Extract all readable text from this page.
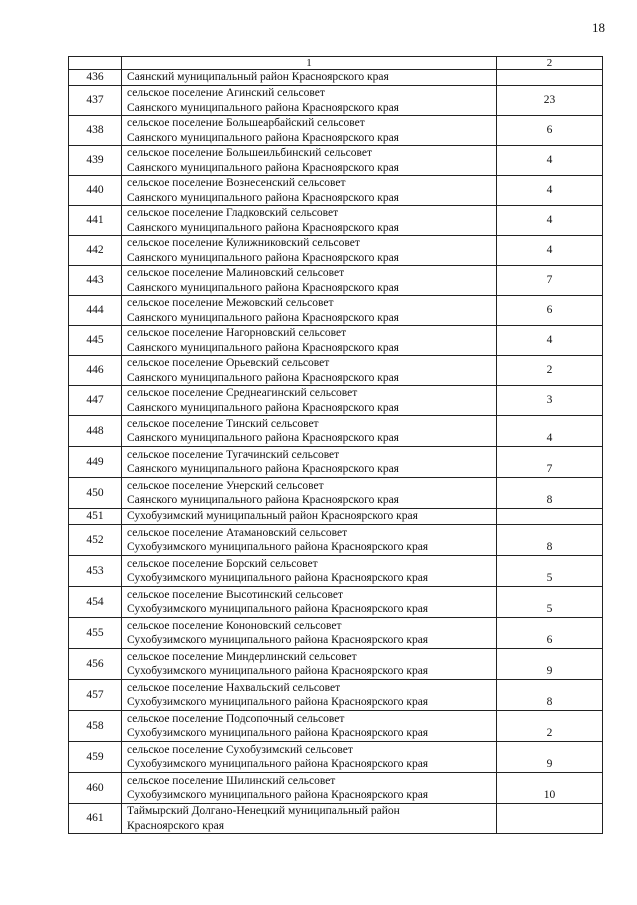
18
	1	2
436	Саянский муниципальный район Красноярского края	

437	сельское поселение Агинский сельсовет
Саянского муниципального района Красноярского края	23
438	сельское поселение Большеарбайский сельсовет
Саянского муниципального района Красноярского края	6
439	сельское поселение Большеильбинский сельсовет
Саянского муниципального района Красноярского края	4
440	сельское поселение Вознесенский сельсовет
Саянского муниципального района Красноярского края	4
441	сельское поселение Гладковский сельсовет
Саянского муниципального района Красноярского края	4
442	сельское поселение Кулижниковский сельсовет
Саянского муниципального района Красноярского края	4
443	сельское поселение Малиновский сельсовет
Саянского муниципального района Красноярского края	7
444	сельское поселение Межовский сельсовет
Саянского муниципального района Красноярского края	6
445	сельское поселение Нагорновский сельсовет
Саянского муниципального района Красноярского края	4
446	сельское поселение Орьевский сельсовет
Саянского муниципального района Красноярского края	2
447	сельское поселение Среднеагинский сельсовет
Саянского муниципального района Красноярского края	3
448	сельское поселение Тинский сельсовет
Саянского муниципального района Красноярского края	4
449	сельское поселение Тугачинский сельсовет
Саянского муниципального района Красноярского края	7
450	сельское поселение Унерский сельсовет
Саянского муниципального района Красноярского края	8
451	Сухобузимский муниципальный район Красноярского края	

452	сельское поселение Атамановский сельсовет
Сухобузимского муниципального района Красноярского края	8
453	сельское поселение Борский сельсовет
Сухобузимского муниципального района Красноярского края	5
454	сельское поселение Высотинский сельсовет
Сухобузимского муниципального района Красноярского края	5
455	сельское поселение Кононовский сельсовет
Сухобузимского муниципального района Красноярского края	6
456	сельское поселение Миндерлинский сельсовет
Сухобузимского муниципального района Красноярского края	9
457	сельское поселение Нахвальский сельсовет
Сухобузимского муниципального района Красноярского края	8
458	сельское поселение Подсопочный сельсовет
Сухобузимского муниципального района Красноярского края	2
459	сельское поселение Сухобузимский сельсовет
Сухобузимского муниципального района Красноярского края	9
460	сельское поселение Шилинский сельсовет
Сухобузимского муниципального района Красноярского края	10
461	Таймырский Долгано-Ненецкий муниципальный район
Красноярского края	
